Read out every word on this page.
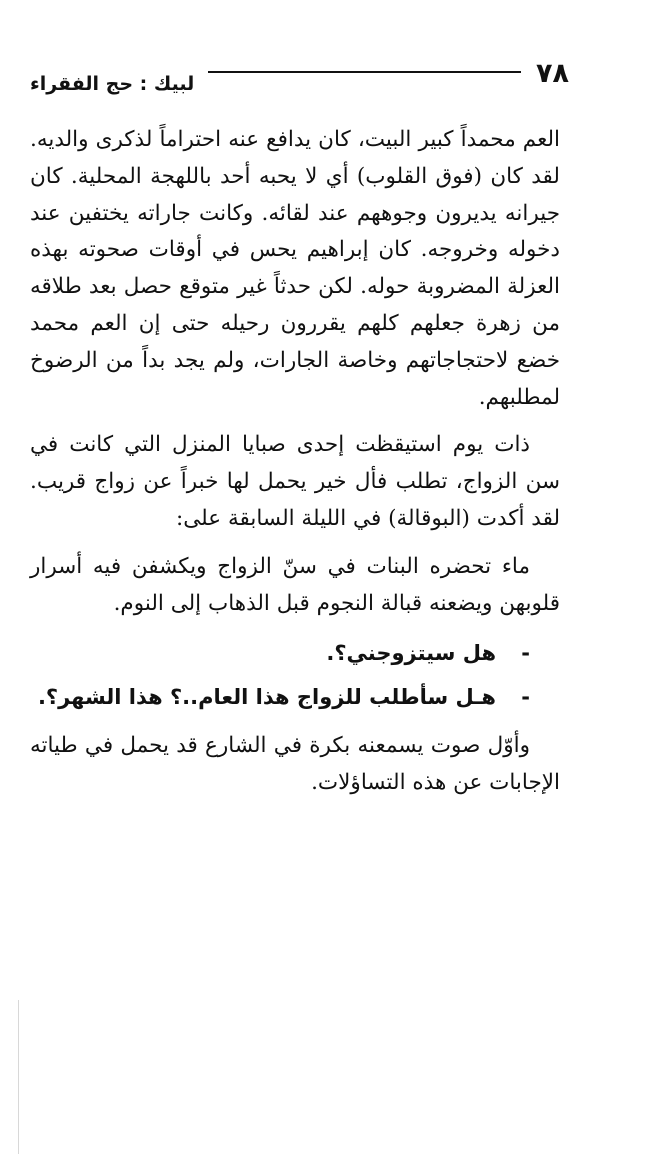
٧٨
لبيك : حج الفقراء

العم محمداً كبير البيت، كان يدافع عنه احتراماً لذكرى والديه. لقد كان (فوق القلوب) أي لا يحبه أحد باللهجة المحلية. كان جيرانه يديرون وجوههم عند لقائه. وكانت جاراته يختفين عند دخوله وخروجه. كان إبراهيم يحس في أوقات صحوته بهذه العزلة المضروبة حوله. لكن حدثاً غير متوقع حصل بعد طلاقه من زهرة جعلهم كلهم يقررون رحيله حتى إن العم محمد خضع لاحتجاجاتهم وخاصة الجارات، ولم يجد بداً من الرضوخ لمطلبهم.

ذات يوم استيقظت إحدى صبايا المنزل التي كانت في سن الزواج، تطلب فأل خير يحمل لها خبراً عن زواج قريب. لقد أكدت (البوقالة) في الليلة السابقة على:

ماء تحضره البنات في سنّ الزواج ويكشفن فيه أسرار قلوبهن ويضعنه قبالة النجوم قبل الذهاب إلى النوم.

-
هل سيتزوجني؟.
-
هـل سأطلب للزواج هذا العام..؟ هذا الشهر؟.

وأوّل صوت يسمعنه بكرة في الشارع قد يحمل في طياته الإجابات عن هذه التساؤلات.
